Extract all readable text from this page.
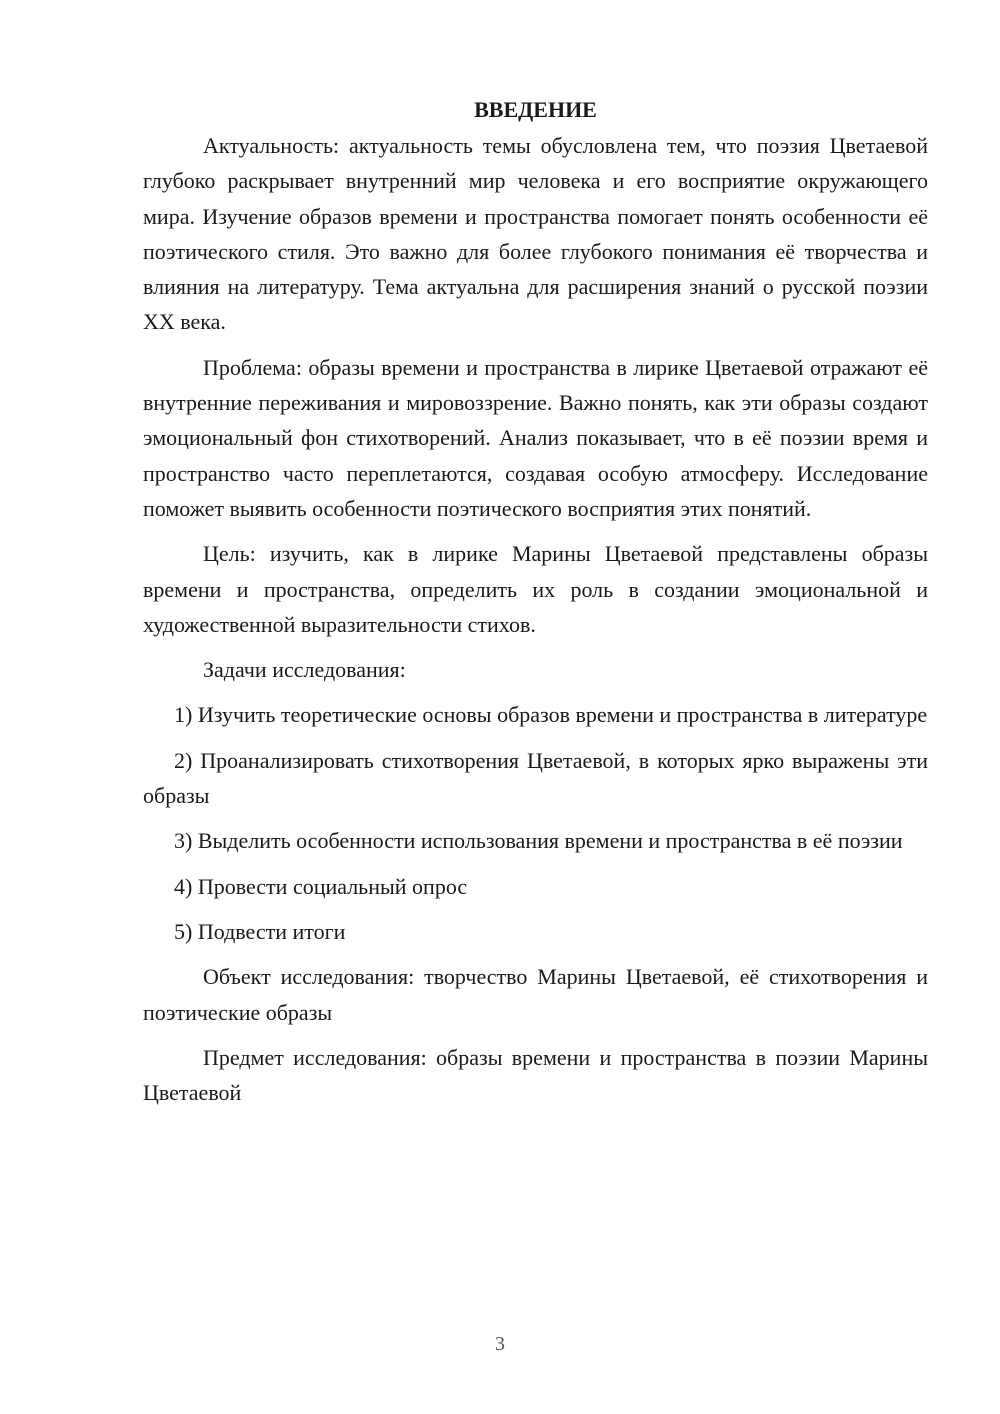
ВВЕДЕНИЕ

Актуальность: актуальность темы обусловлена тем, что поэзия Цветаевой глубоко раскрывает внутренний мир человека и его восприятие окружающего мира. Изучение образов времени и пространства помогает понять особенности её поэтического стиля. Это важно для более глубокого понимания её творчества и влияния на литературу. Тема актуальна для расширения знаний о русской поэзии XX века.

Проблема: образы времени и пространства в лирике Цветаевой отражают её внутренние переживания и мировоззрение. Важно понять, как эти образы создают эмоциональный фон стихотворений. Анализ показывает, что в её поэзии время и пространство часто переплетаются, создавая особую атмосферу. Исследование поможет выявить особенности поэтического восприятия этих понятий.

Цель: изучить, как в лирике Марины Цветаевой представлены образы времени и пространства, определить их роль в создании эмоциональной и художественной выразительности стихов.

Задачи исследования:

1) Изучить теоретические основы образов времени и пространства в литературе

2) Проанализировать стихотворения Цветаевой, в которых ярко выражены эти образы

3) Выделить особенности использования времени и пространства в её поэзии

4) Провести социальный опрос

5) Подвести итоги

Объект исследования: творчество Марины Цветаевой, её стихотворения и поэтические образы

Предмет исследования: образы времени и пространства в поэзии Марины Цветаевой

3
